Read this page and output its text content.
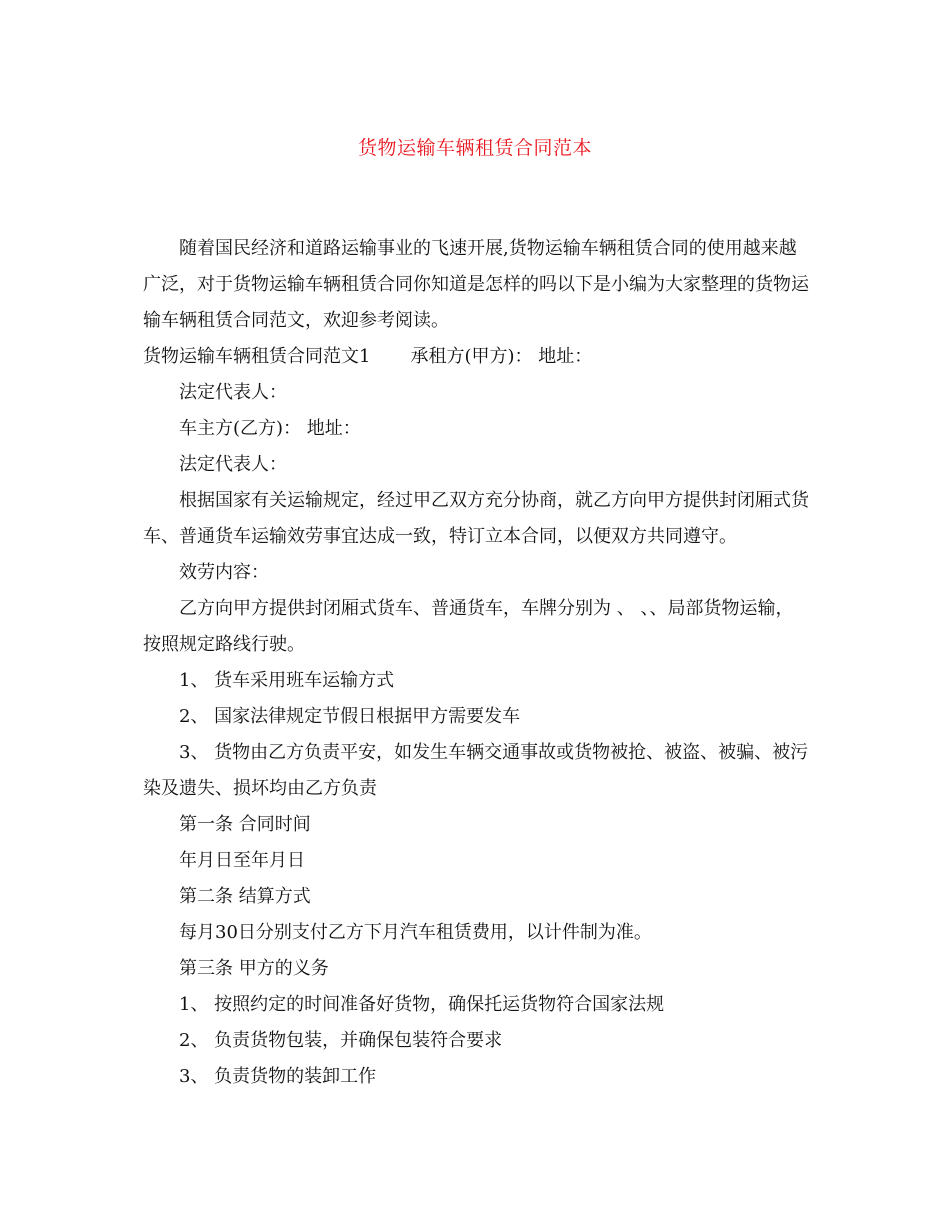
货物运输车辆租赁合同范本

随着国民经济和道路运输事业的飞速开展,货物运输车辆租赁合同的使用越来越广泛，对于货物运输车辆租赁合同你知道是怎样的吗以下是小编为大家整理的货物运输车辆租赁合同范文，欢迎参考阅读。

货物运输车辆租赁合同范文1 承租方(甲方)： 地址：

法定代表人：

车主方(乙方)： 地址：

法定代表人：

根据国家有关运输规定，经过甲乙双方充分协商，就乙方向甲方提供封闭厢式货车、普通货车运输效劳事宜达成一致，特订立本合同，以便双方共同遵守。

效劳内容：

乙方向甲方提供封闭厢式货车、普通货车，车牌分别为 、 、、局部货物运输，按照规定路线行驶。

1、 货车采用班车运输方式

2、 国家法律规定节假日根据甲方需要发车

3、 货物由乙方负责平安，如发生车辆交通事故或货物被抢、被盗、被骗、被污染及遗失、损坏均由乙方负责

第一条 合同时间

年月日至年月日

第二条 结算方式

每月30日分别支付乙方下月汽车租赁费用，以计件制为准。

第三条 甲方的义务

1、 按照约定的时间准备好货物，确保托运货物符合国家法规

2、 负责货物包装，并确保包装符合要求

3、 负责货物的装卸工作
